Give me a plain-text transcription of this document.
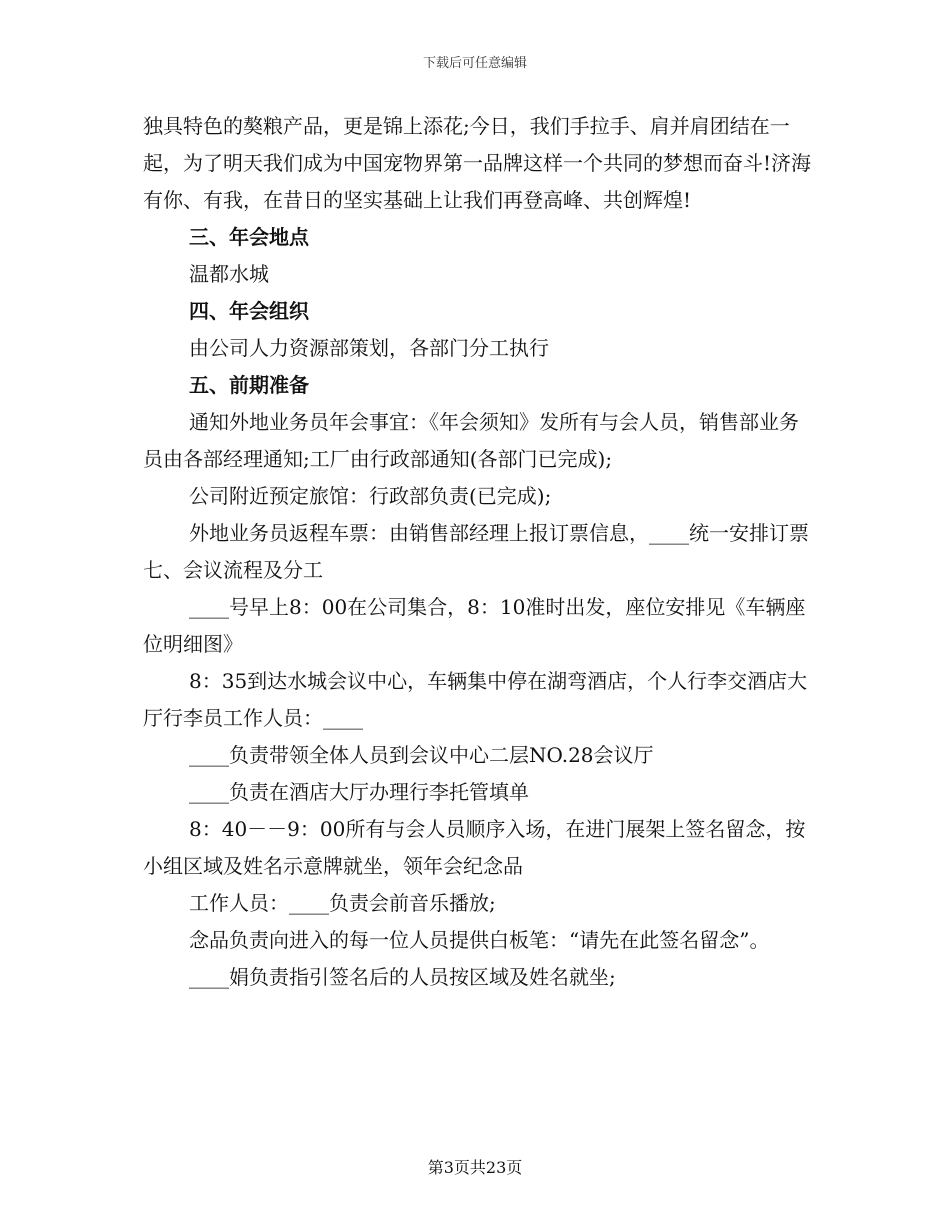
下载后可任意编辑

独具特色的獒粮产品，更是锦上添花;今日，我们手拉手、肩并肩团结在一起，为了明天我们成为中国宠物界第一品牌这样一个共同的梦想而奋斗!济海有你、有我，在昔日的坚实基础上让我们再登高峰、共创辉煌!

三、年会地点

温都水城

四、年会组织

由公司人力资源部策划，各部门分工执行

五、前期准备

通知外地业务员年会事宜：《年会须知》发所有与会人员，销售部业务员由各部经理通知;工厂由行政部通知(各部门已完成);

公司附近预定旅馆：行政部负责(已完成);

外地业务员返程车票：由销售部经理上报订票信息，____统一安排订票七、会议流程及分工

____号早上8：00在公司集合，8：10准时出发，座位安排见《车辆座位明细图》

8：35到达水城会议中心，车辆集中停在湖弯酒店，个人行李交酒店大厅行李员工作人员：____

____负责带领全体人员到会议中心二层NO.28会议厅

____负责在酒店大厅办理行李托管填单

8：40－－9：00所有与会人员顺序入场，在进门展架上签名留念，按小组区域及姓名示意牌就坐，领年会纪念品

工作人员：____负责会前音乐播放;

念品负责向进入的每一位人员提供白板笔：“请先在此签名留念”。

____娟负责指引签名后的人员按区域及姓名就坐;

第3页共23页
